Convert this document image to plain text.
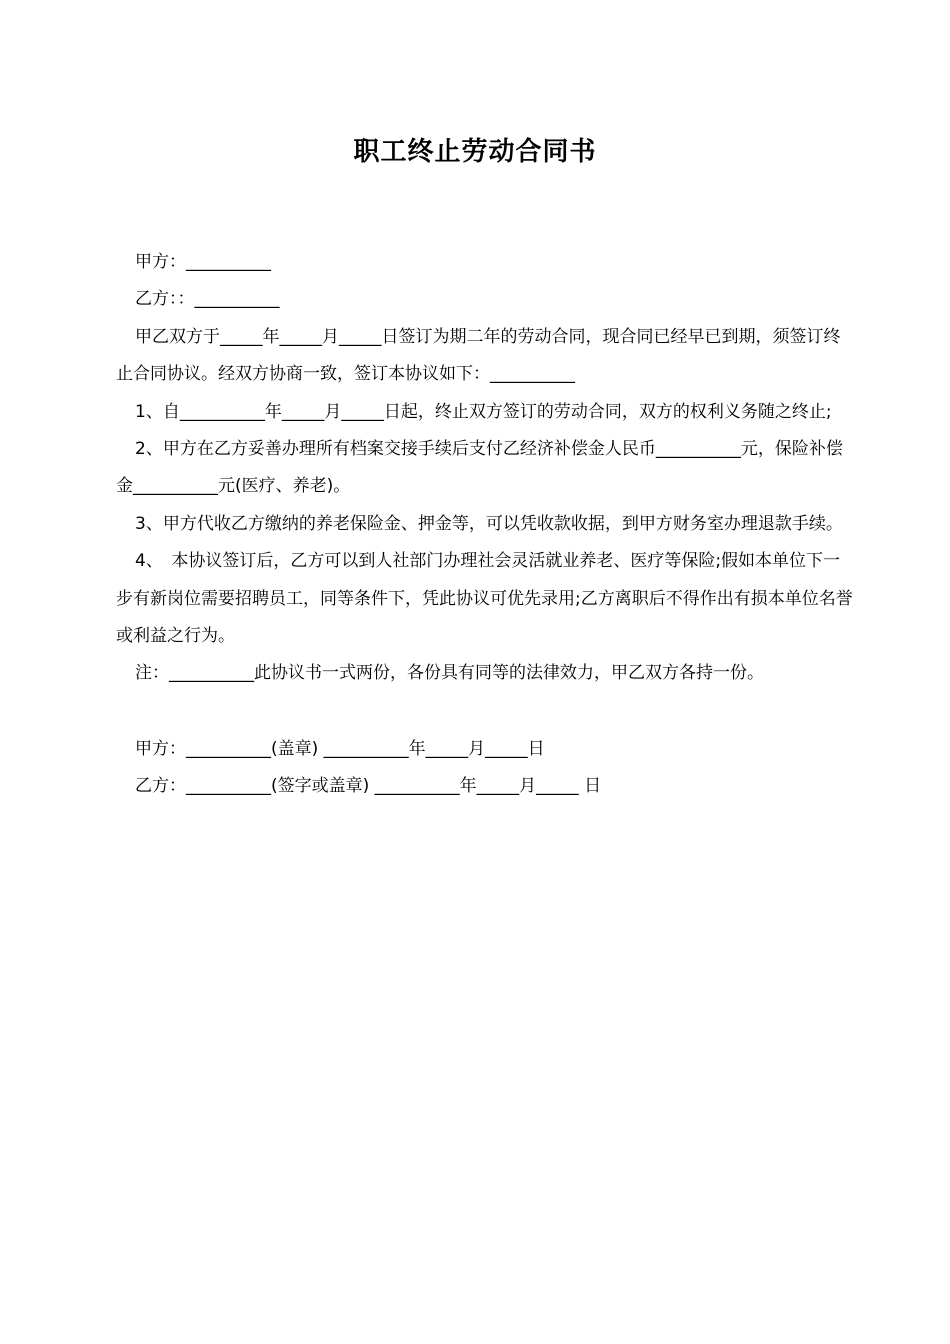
职工终止劳动合同书

甲方：__________

乙方：：__________

甲乙双方于_____年_____月_____日签订为期二年的劳动合同，现合同已经早已到期，须签订终止合同协议。经双方协商一致，签订本协议如下：__________

1、自__________年_____月_____日起，终止双方签订的劳动合同，双方的权利义务随之终止;

2、甲方在乙方妥善办理所有档案交接手续后支付乙经济补偿金人民币__________元，保险补偿金__________元(医疗、养老)。

3、甲方代收乙方缴纳的养老保险金、押金等，可以凭收款收据，到甲方财务室办理退款手续。

4、　本协议签订后，乙方可以到人社部门办理社会灵活就业养老、医疗等保险;假如本单位下一步有新岗位需要招聘员工，同等条件下，凭此协议可优先录用;乙方离职后不得作出有损本单位名誉或利益之行为。

注：__________此协议书一式两份，各份具有同等的法律效力，甲乙双方各持一份。

甲方：__________(盖章) __________年_____月_____日

乙方：__________(签字或盖章) __________年_____月_____ 日
